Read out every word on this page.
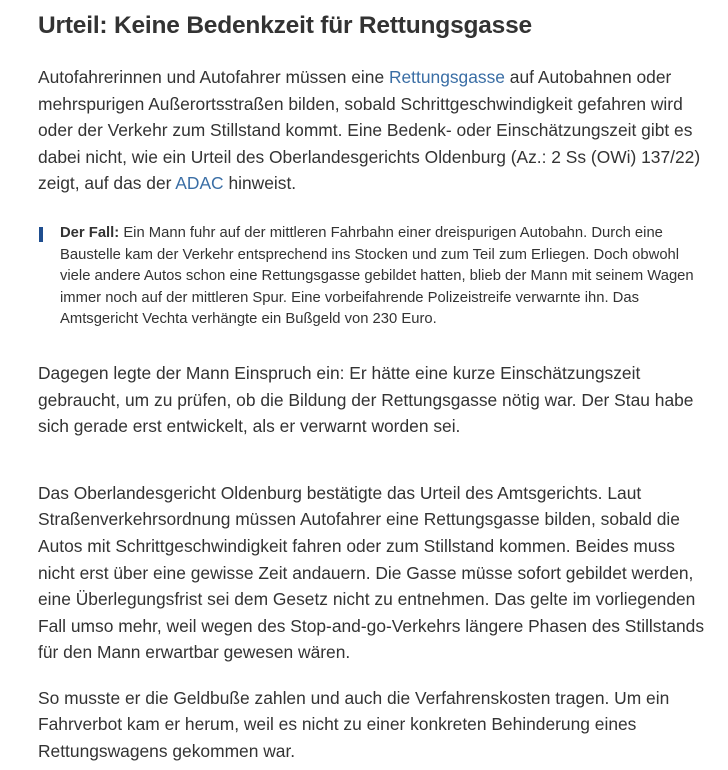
Urteil: Keine Bedenkzeit für Rettungsgasse

Autofahrerinnen und Autofahrer müssen eine Rettungsgasse auf Autobahnen oder mehrspurigen Außerortsstraßen bilden, sobald Schrittgeschwindigkeit gefahren wird oder der Verkehr zum Stillstand kommt. Eine Bedenk- oder Einschätzungszeit gibt es dabei nicht, wie ein Urteil des Oberlandesgerichts Oldenburg (Az.: 2 Ss (OWi) 137/22) zeigt, auf das der ADAC hinweist.

Der Fall: Ein Mann fuhr auf der mittleren Fahrbahn einer dreispurigen Autobahn. Durch eine Baustelle kam der Verkehr entsprechend ins Stocken und zum Teil zum Erliegen. Doch obwohl viele andere Autos schon eine Rettungsgasse gebildet hatten, blieb der Mann mit seinem Wagen immer noch auf der mittleren Spur. Eine vorbeifahrende Polizeistreife verwarnte ihn. Das Amtsgericht Vechta verhängte ein Bußgeld von 230 Euro.

Dagegen legte der Mann Einspruch ein: Er hätte eine kurze Einschätzungszeit gebraucht, um zu prüfen, ob die Bildung der Rettungsgasse nötig war. Der Stau habe sich gerade erst entwickelt, als er verwarnt worden sei.

Das Oberlandesgericht Oldenburg bestätigte das Urteil des Amtsgerichts. Laut Straßenverkehrsordnung müssen Autofahrer eine Rettungsgasse bilden, sobald die Autos mit Schrittgeschwindigkeit fahren oder zum Stillstand kommen. Beides muss nicht erst über eine gewisse Zeit andauern. Die Gasse müsse sofort gebildet werden, eine Überlegungsfrist sei dem Gesetz nicht zu entnehmen. Das gelte im vorliegenden Fall umso mehr, weil wegen des Stop-and-go-Verkehrs längere Phasen des Stillstands für den Mann erwartbar gewesen wären.

So musste er die Geldbuße zahlen und auch die Verfahrenskosten tragen. Um ein Fahrverbot kam er herum, weil es nicht zu einer konkreten Behinderung eines Rettungswagens gekommen war.
